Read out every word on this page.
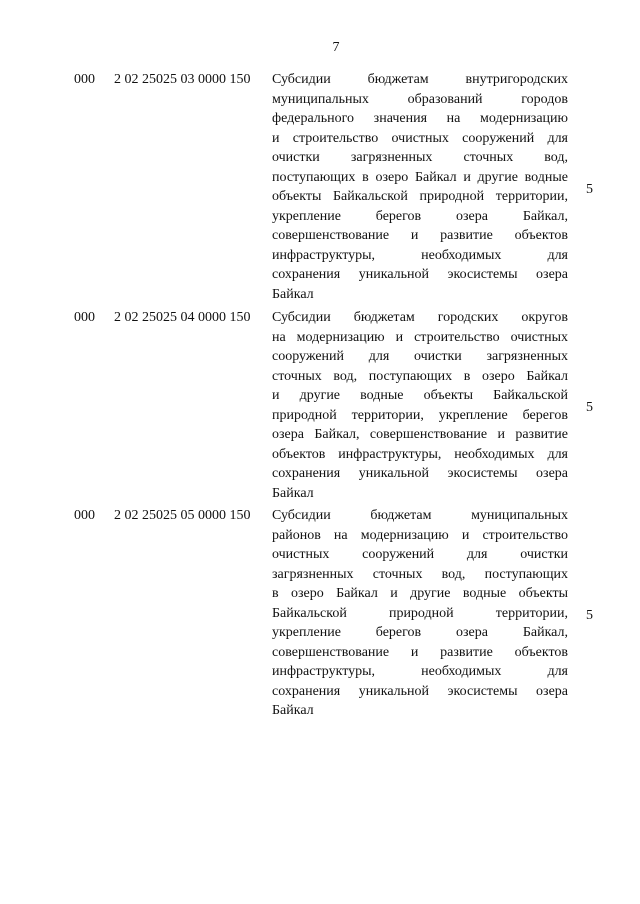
7
000 2 02 25025 03 0000 150 Субсидии бюджетам внутригородских
муниципальных образований городов
федерального значения на модернизацию
и строительство очистных сооружений для
очистки загрязненных сточных вод,
поступающих в озеро Байкал и другие водные
объекты Байкальской природной территории,
укрепление берегов озера Байкал,
совершенствование и развитие объектов
инфраструктуры, необходимых для
сохранения уникальной экосистемы озера
Байкал
5
000 2 02 25025 04 0000 150 Субсидии бюджетам городских округов
на модернизацию и строительство очистных
сооружений для очистки загрязненных
сточных вод, поступающих в озеро Байкал
и другие водные объекты Байкальской
природной территории, укрепление берегов
озера Байкал, совершенствование и развитие
объектов инфраструктуры, необходимых для
сохранения уникальной экосистемы озера
Байкал
5
000 2 02 25025 05 0000 150 Субсидии бюджетам муниципальных
районов на модернизацию и строительство
очистных сооружений для очистки
загрязненных сточных вод, поступающих
в озеро Байкал и другие водные объекты
Байкальской природной территории,
укрепление берегов озера Байкал,
совершенствование и развитие объектов
инфраструктуры, необходимых для
сохранения уникальной экосистемы озера
Байкал
5
